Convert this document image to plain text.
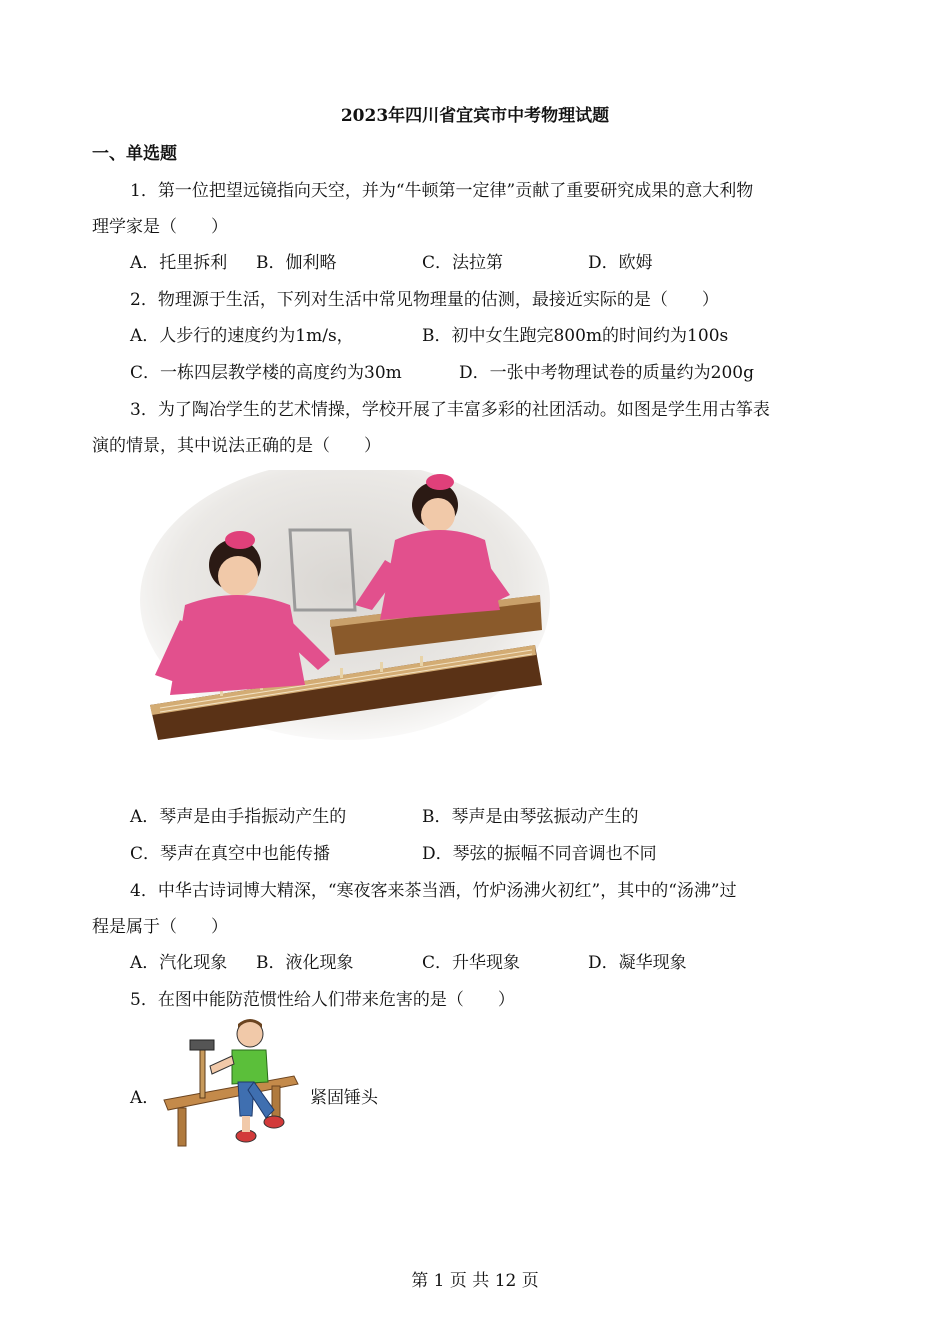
2023年四川省宜宾市中考物理试题
一、单选题
1．第一位把望远镜指向天空，并为“牛顿第一定律”贡献了重要研究成果的意大利物
理学家是（　　）
A．托里拆利 B．伽利略	C．法拉第	D．欧姆
2．物理源于生活，下列对生活中常见物理量的估测，最接近实际的是（　　）
A．人步行的速度约为1m/s，	B．初中女生跑完800m的时间约为100s
C．一栋四层教学楼的高度约为30m	D．一张中考物理试卷的质量约为200g
3．为了陶冶学生的艺术情操，学校开展了丰富多彩的社团活动。如图是学生用古筝表
演的情景，其中说法正确的是（　　）
A．琴声是由手指振动产生的	B．琴声是由琴弦振动产生的
C．琴声在真空中也能传播	D．琴弦的振幅不同音调也不同
4．中华古诗词博大精深，“寒夜客来茶当酒，竹炉汤沸火初红”，其中的“汤沸”过
程是属于（　　）
A．汽化现象 B．液化现象	C．升华现象	D．凝华现象
5．在图中能防范惯性给人们带来危害的是（　　）
A．	紧固锤头
第 1 页 共 12 页
